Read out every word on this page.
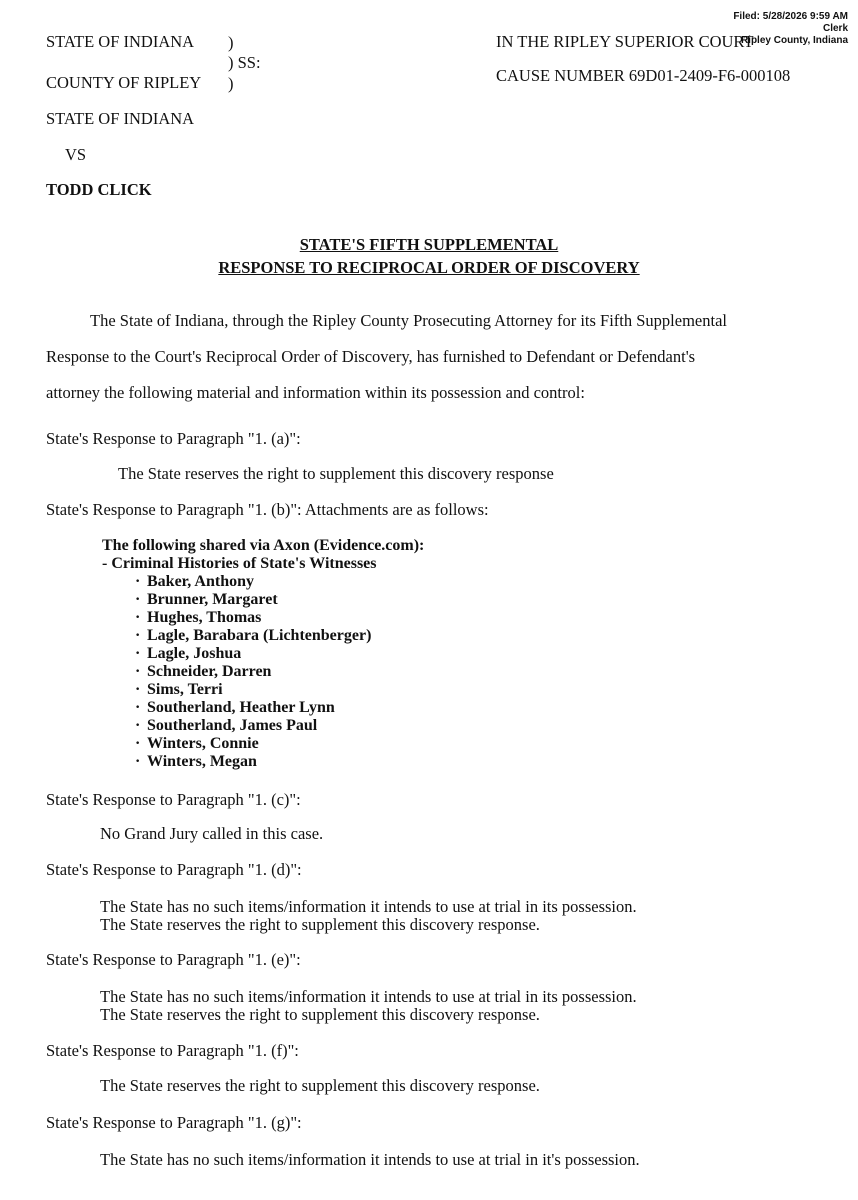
Filed: 5/28/2026 9:59 AM
Clerk
Ripley County, Indiana
STATE OF INDIANA )
) SS:
COUNTY OF RIPLEY )
IN THE RIPLEY SUPERIOR COURT
CAUSE NUMBER 69D01-2409-F6-000108
STATE OF INDIANA
VS
TODD CLICK
STATE'S FIFTH SUPPLEMENTAL
RESPONSE TO RECIPROCAL ORDER OF DISCOVERY
The State of Indiana, through the Ripley County Prosecuting Attorney for its Fifth Supplemental
Response to the Court's Reciprocal Order of Discovery, has furnished to Defendant or Defendant's
attorney the following material and information within its possession and control:
State's Response to Paragraph "1. (a)":
The State reserves the right to supplement this discovery response
State's Response to Paragraph "1. (b)": Attachments are as follows:
The following shared via Axon (Evidence.com):
- Criminal Histories of State's Witnesses
· Baker, Anthony
· Brunner, Margaret
· Hughes, Thomas
· Lagle, Barabara (Lichtenberger)
· Lagle, Joshua
· Schneider, Darren
· Sims, Terri
· Southerland, Heather Lynn
· Southerland, James Paul
· Winters, Connie
· Winters, Megan
State's Response to Paragraph "1. (c)":
No Grand Jury called in this case.
State's Response to Paragraph "1. (d)":
The State has no such items/information it intends to use at trial in its possession.
The State reserves the right to supplement this discovery response.
State's Response to Paragraph "1. (e)":
The State has no such items/information it intends to use at trial in its possession.
The State reserves the right to supplement this discovery response.
State's Response to Paragraph "1. (f)":
The State reserves the right to supplement this discovery response.
State's Response to Paragraph "1. (g)":
The State has no such items/information it intends to use at trial in it's possession.
